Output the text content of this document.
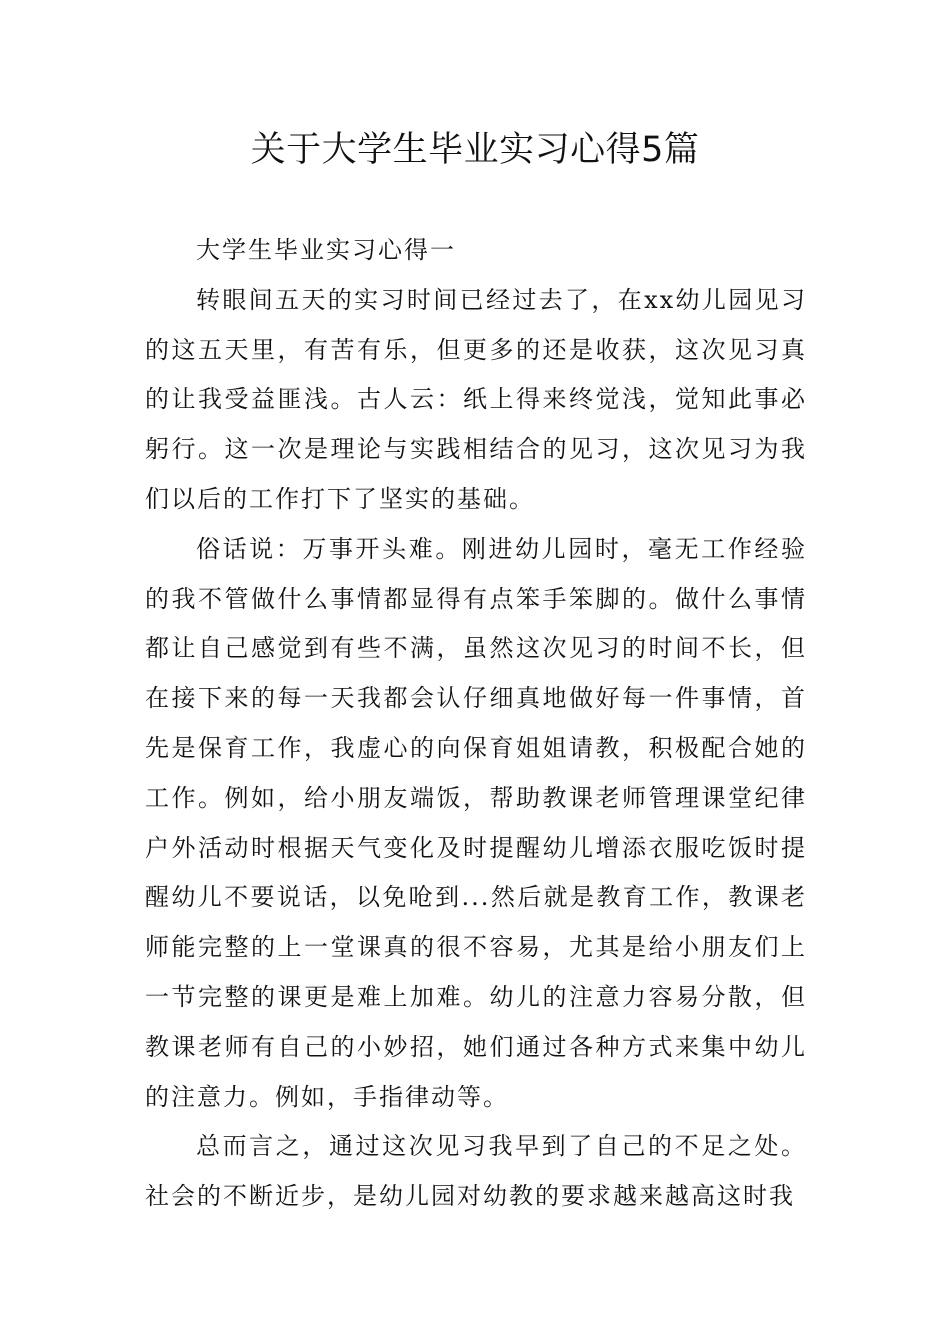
关于大学生毕业实习心得5篇

大学生毕业实习心得一

转眼间五天的实习时间已经过去了，在xx幼儿园见习的这五天里，有苦有乐，但更多的还是收获，这次见习真的让我受益匪浅。古人云：纸上得来终觉浅，觉知此事必躬行。这一次是理论与实践相结合的见习，这次见习为我们以后的工作打下了坚实的基础。

俗话说：万事开头难。刚进幼儿园时，毫无工作经验的我不管做什么事情都显得有点笨手笨脚的。做什么事情都让自己感觉到有些不满，虽然这次见习的时间不长，但在接下来的每一天我都会认仔细真地做好每一件事情，首先是保育工作，我虚心的向保育姐姐请教，积极配合她的工作。例如，给小朋友端饭，帮助教课老师管理课堂纪律户外活动时根据天气变化及时提醒幼儿增添衣服吃饭时提醒幼儿不要说话，以免呛到...然后就是教育工作，教课老师能完整的上一堂课真的很不容易，尤其是给小朋友们上一节完整的课更是难上加难。幼儿的注意力容易分散，但教课老师有自己的小妙招，她们通过各种方式来集中幼儿的注意力。例如，手指律动等。

总而言之，通过这次见习我早到了自己的不足之处。社会的不断近步，是幼儿园对幼教的要求越来越高这时我
